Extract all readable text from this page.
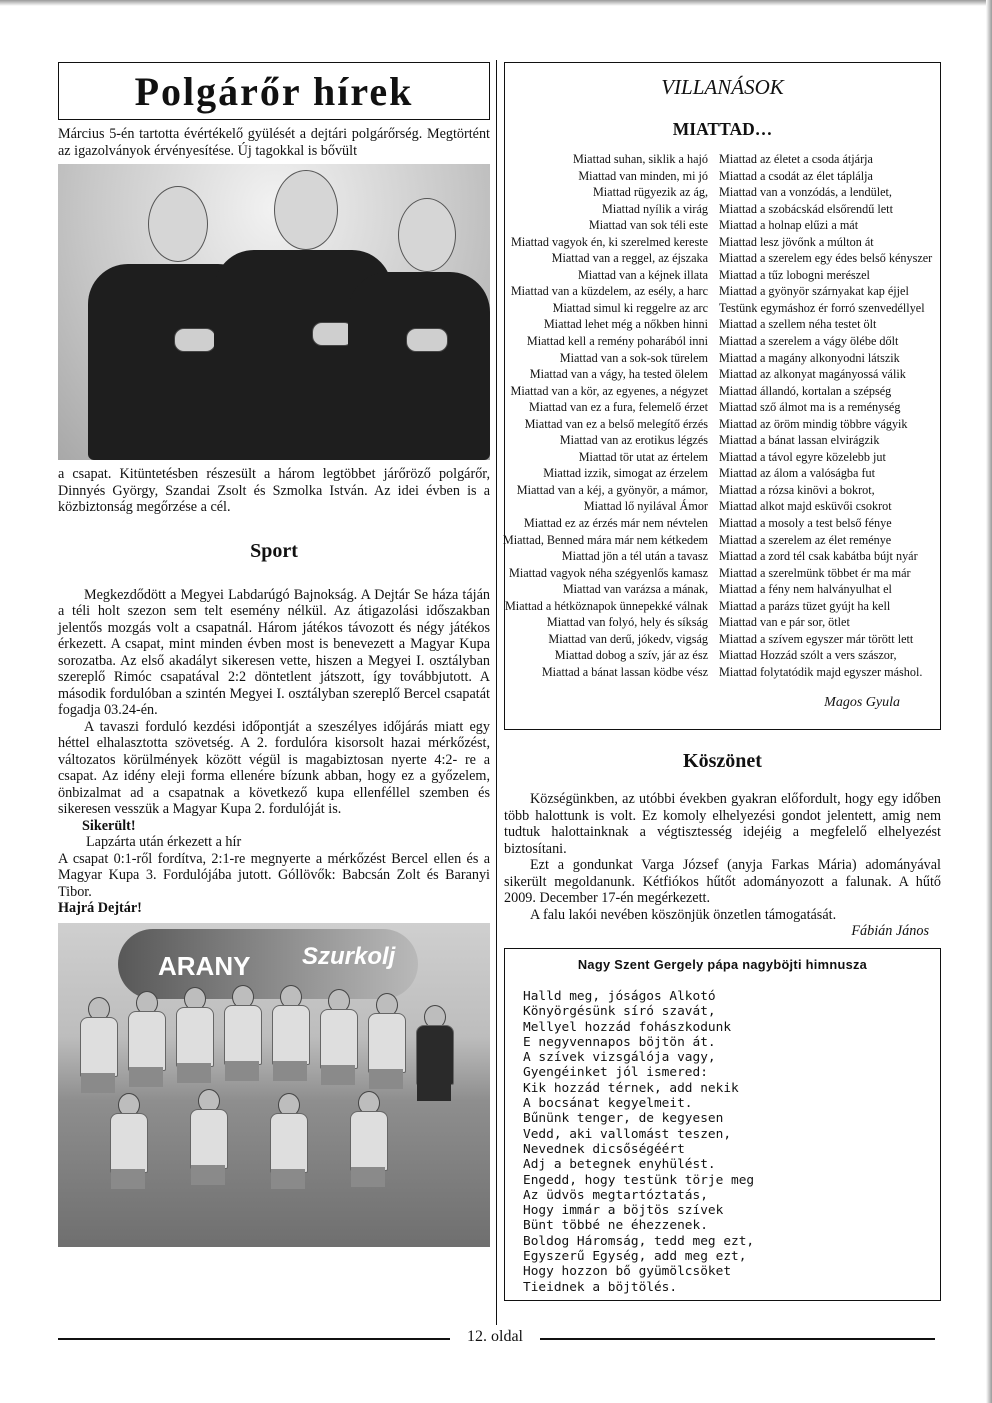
Polgárőr hírek

Március 5-én tartotta évértékelő gyülését a dejtári polgárőrség. Megtörtént az igazolványok érvényesítése. Új tagokkal is bővült

a csapat. Kitüntetésben részesült a három legtöbbet járőröző polgárőr, Dinnyés György, Szandai Zsolt és Szmolka István. Az idei évben is a közbiztonság megőrzése a cél.

Sport

Megkezdődött a Megyei Labdarúgó Bajnokság. A Dejtár Se háza táján a téli holt szezon sem telt esemény nélkül. Az átigazolási időszakban jelentős mozgás volt a csapatnál. Három játékos távozott és négy játékos érkezett. A csapat, mint minden évben most is benevezett a Magyar Kupa sorozatba. Az első akadályt sikeresen vette, hiszen a Megyei I. osztályban szereplő Rimóc csapatával 2:2 döntetlent játszott, így továbbjutott. A második fordulóban a szintén Megyei I. osztályban szereplő Bercel csapatát fogadja 03.24-én.

A tavaszi forduló kezdési időpontját a szeszélyes időjárás miatt egy héttel elhalasztotta szövetség. A 2. fordulóra kisorsolt hazai mérkőzést, változatos körülmények között végül is magabiztosan nyerte 4:2- re a csapat. Az idény eleji forma ellenére bízunk abban, hogy ez a győzelem, önbizalmat ad a csapatnak a következő kupa ellenféllel szemben és sikeresen vesszük a Magyar Kupa 2. fordulóját is.

Sikerült!

Lapzárta után érkezett a hír

A csapat 0:1-ről fordítva, 2:1-re megnyerte a mérkőzést Bercel ellen és a Magyar Kupa 3. Fordulójába jutott. Góllövők: Babcsán Zolt és Baranyi Tibor.

Hajrá Dejtár!

ARANY Szurkolj
VILLANÁSOK
MIATTAD…
Miattad suhan, siklik a hajó
Miattad van minden, mi jó
Miattad rügyezik az ág,
Miattad nyílik a virág
Miattad van sok téli este
Miattad vagyok én, ki szerelmed kereste
Miattad van a reggel, az éjszaka
Miattad van a kéjnek illata
Miattad van a küzdelem, az esély, a harc
Miattad simul ki reggelre az arc
Miattad lehet még a nőkben hinni
Miattad kell a remény poharából inni
Miattad van a sok-sok türelem
Miattad van a vágy, ha tested ölelem
Miattad van a kör, az egyenes, a négyzet
Miattad van ez a fura, felemelő érzet
Miattad van ez a belső melegítő érzés
Miattad van az erotikus légzés
Miattad tör utat az értelem
Miattad izzik, simogat az érzelem
Miattad van a kéj, a gyönyör, a mámor,
Miattad lő nyilával Ámor
Miattad ez az érzés már nem névtelen
Miattad, Benned mára már nem kétkedem
Miattad jön a tél után a tavasz
Miattad vagyok néha szégyenlős kamasz
Miattad van varázsa a mának,
Miattad a hétköznapok ünnepekké válnak
Miattad van folyó, hely és síkság
Miattad van derű, jókedv, vigság
Miattad dobog a szív, jár az ész
Miattad a bánat lassan ködbe vész
Miattad az életet a csoda átjárja
Miattad a csodát az élet táplálja
Miattad van a vonzódás, a lendület,
Miattad a szobácskád elsőrendű lett
Miattad a holnap elűzi a mát
Miattad lesz jövőnk a múlton át
Miattad a szerelem egy édes belső kényszer
Miattad a tűz lobogni merészel
Miattad a gyönyör szárnyakat kap éjjel
Testünk egymáshoz ér forró szenvedéllyel
Miattad a szellem néha testet ölt
Miattad a szerelem a vágy ölébe dőlt
Miattad a magány alkonyodni látszik
Miattad az alkonyat magányossá válik
Miattad állandó, kortalan a szépség
Miattad sző álmot ma is a reménység
Miattad az öröm mindig többre vágyik
Miattad a bánat lassan elvirágzik
Miattad a távol egyre közelebb jut
Miattad az álom a valóságba fut
Miattad a rózsa kinövi a bokrot,
Miattad alkot majd esküvői csokrot
Miattad a mosoly a test belső fénye
Miattad a szerelem az élet reménye
Miattad a zord tél csak kabátba bújt nyár
Miattad a szerelmünk többet ér ma már
Miattad a fény nem halványulhat el
Miattad a parázs tüzet gyújt ha kell
Miattad van e pár sor, ötlet
Miattad a szívem egyszer már törött lett
Miattad Hozzád szólt a vers szászor,
Miattad folytatódik majd egyszer máshol.
Magos Gyula
Köszönet

Községünkben, az utóbbi években gyakran előfordult, hogy egy időben több halottunk is volt. Ez komoly elhelyezési gondot jelentett, amig nem tudtuk halottainknak a végtisztesség idejéig a megfelelő elhelyezést biztosítani.

Ezt a gondunkat Varga József (anyja Farkas Mária) adományával sikerült megoldanunk. Kétfiókos hűtőt adományozott a falunak. A hűtő 2009. December 17-én megérkezett.

A falu lakói nevében köszönjük önzetlen támogatását.

Fábián János

Nagy Szent Gergely pápa nagyböjti himnusza
Halld meg, jóságos Alkotó
Könyörgésünk síró szavát,
Mellyel hozzád fohászkodunk
E negyvennapos böjtön át.
A szívek vizsgálója vagy,
Gyengéinket jól ismered:
Kik hozzád térnek, add nekik
A bocsánat kegyelmeit.
Bűnünk tenger, de kegyesen
Vedd, aki vallomást teszen,
Nevednek dicsőségéért
Adj a betegnek enyhülést.
Engedd, hogy testünk törje meg
Az üdvös megtartóztatás,
Hogy immár a böjtös szívek
Bünt többé ne éhezzenek.
Boldog Háromság, tedd meg ezt,
Egyszerű Egység, add meg ezt,
Hogy hozzon bő gyümölcsöket
Tieidnek a böjtölés.
12. oldal
